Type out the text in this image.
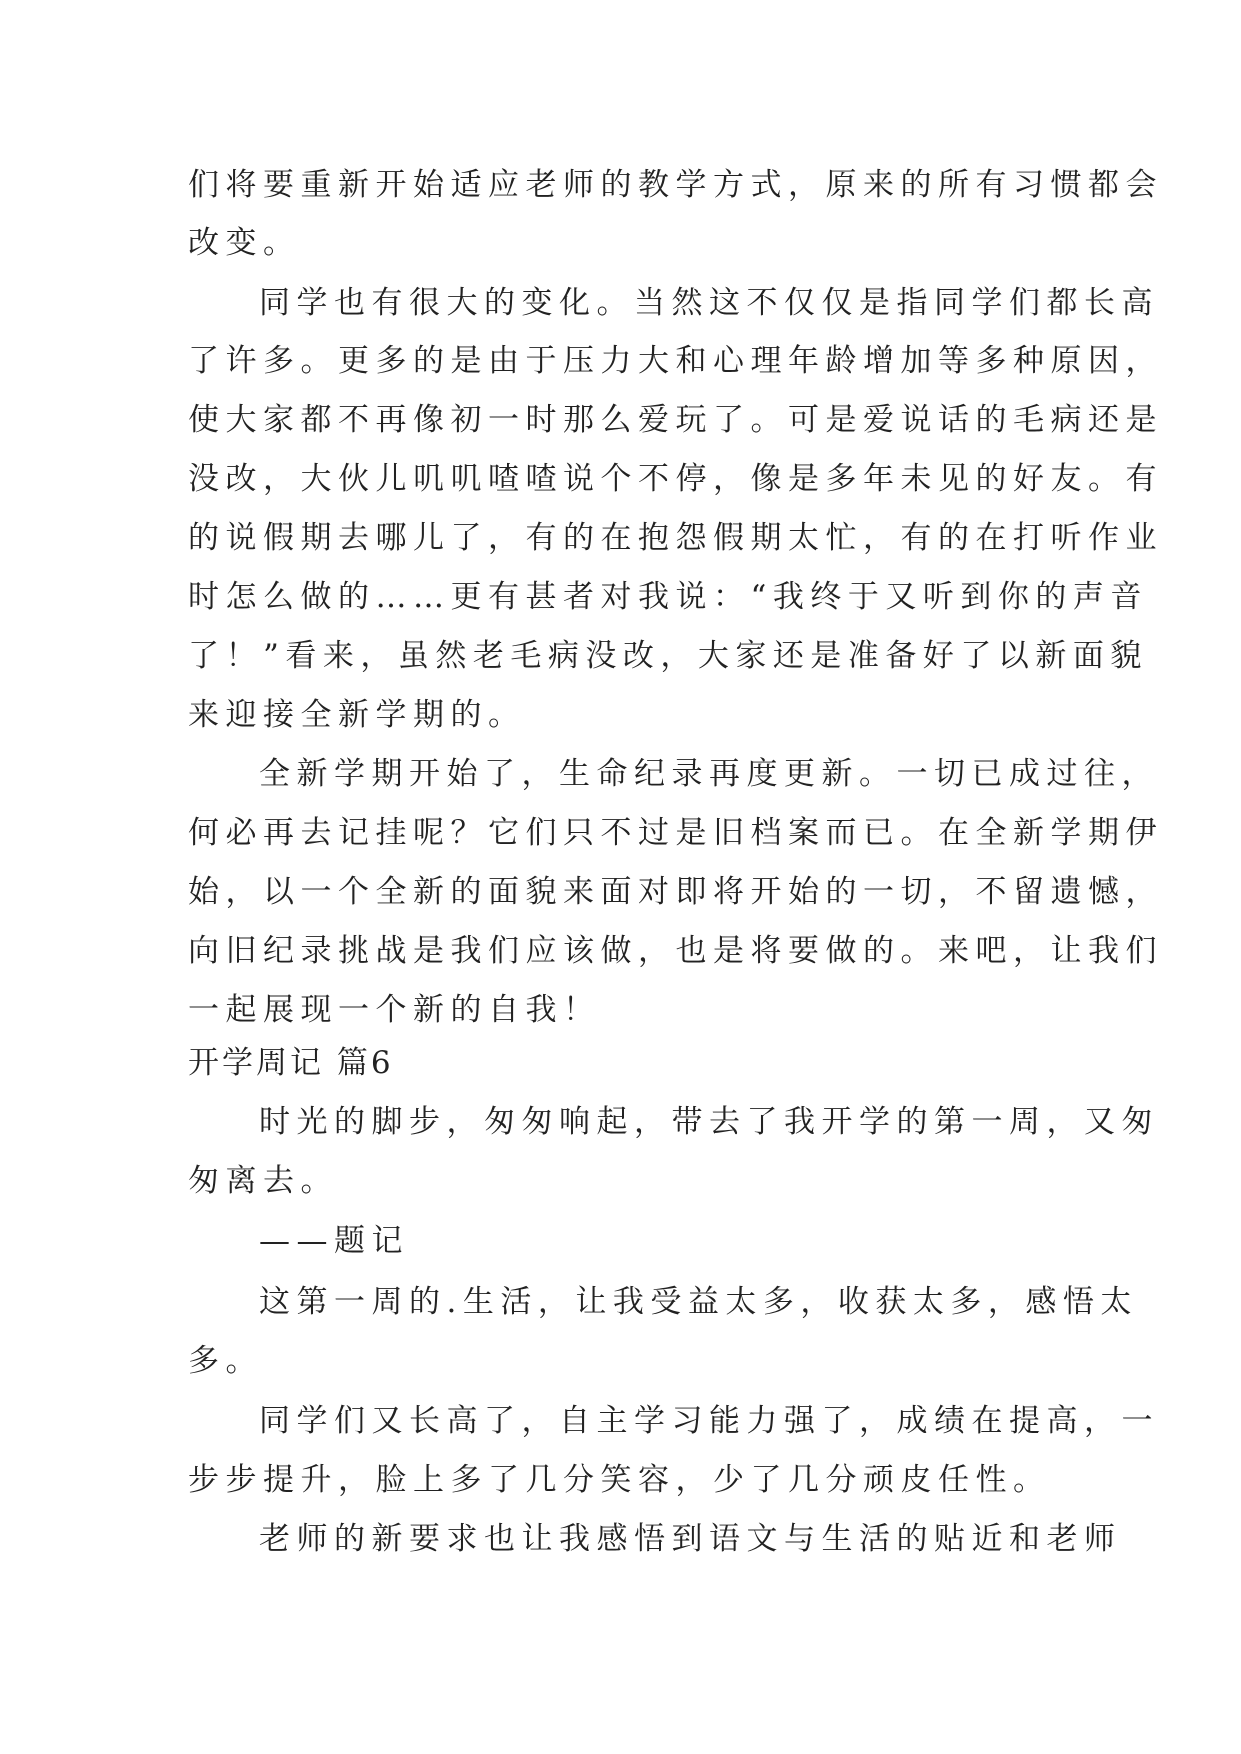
们将要重新开始适应老师的教学方式，原来的所有习惯都会
改变。
同学也有很大的变化。当然这不仅仅是指同学们都长高
了许多。更多的是由于压力大和心理年龄增加等多种原因，
使大家都不再像初一时那么爱玩了。可是爱说话的毛病还是
没改，大伙儿叽叽喳喳说个不停，像是多年未见的好友。有
的说假期去哪儿了，有的在抱怨假期太忙，有的在打听作业
时怎么做的……更有甚者对我说：“我终于又听到你的声音
了！”看来，虽然老毛病没改，大家还是准备好了以新面貌
来迎接全新学期的。
全新学期开始了，生命纪录再度更新。一切已成过往，
何必再去记挂呢？它们只不过是旧档案而已。在全新学期伊
始，以一个全新的面貌来面对即将开始的一切，不留遗憾，
向旧纪录挑战是我们应该做，也是将要做的。来吧，让我们
一起展现一个新的自我！
开学周记 篇6
时光的脚步，匆匆响起，带去了我开学的第一周，又匆
匆离去。
——题记
这第一周的.生活，让我受益太多，收获太多，感悟太
多。
同学们又长高了，自主学习能力强了，成绩在提高，一
步步提升，脸上多了几分笑容，少了几分顽皮任性。
老师的新要求也让我感悟到语文与生活的贴近和老师
